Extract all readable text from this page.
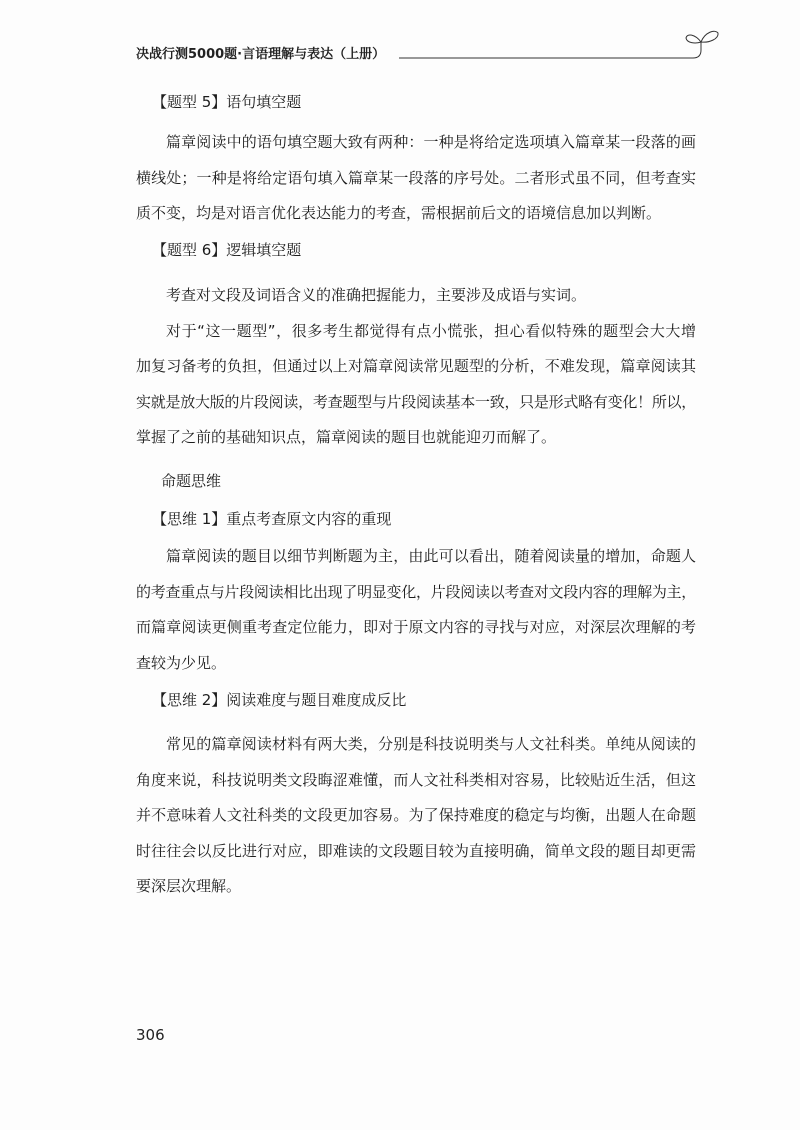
决战行测5000题·言语理解与表达（上册）
【题型 5】语句填空题
篇章阅读中的语句填空题大致有两种：一种是将给定选项填入篇章某一段落的画
横线处；一种是将给定语句填入篇章某一段落的序号处。二者形式虽不同，但考查实
质不变，均是对语言优化表达能力的考查，需根据前后文的语境信息加以判断。
【题型 6】逻辑填空题
考查对文段及词语含义的准确把握能力，主要涉及成语与实词。
对于“这一题型”，很多考生都觉得有点小慌张，担心看似特殊的题型会大大增
加复习备考的负担，但通过以上对篇章阅读常见题型的分析，不难发现，篇章阅读其
实就是放大版的片段阅读，考查题型与片段阅读基本一致，只是形式略有变化！所以，
掌握了之前的基础知识点，篇章阅读的题目也就能迎刃而解了。
命题思维
【思维 1】重点考查原文内容的重现
篇章阅读的题目以细节判断题为主，由此可以看出，随着阅读量的增加，命题人
的考查重点与片段阅读相比出现了明显变化，片段阅读以考查对文段内容的理解为主，
而篇章阅读更侧重考查定位能力，即对于原文内容的寻找与对应，对深层次理解的考
查较为少见。
【思维 2】阅读难度与题目难度成反比
常见的篇章阅读材料有两大类，分别是科技说明类与人文社科类。单纯从阅读的
角度来说，科技说明类文段晦涩难懂，而人文社科类相对容易，比较贴近生活，但这
并不意味着人文社科类的文段更加容易。为了保持难度的稳定与均衡，出题人在命题
时往往会以反比进行对应，即难读的文段题目较为直接明确，简单文段的题目却更需
要深层次理解。
306
